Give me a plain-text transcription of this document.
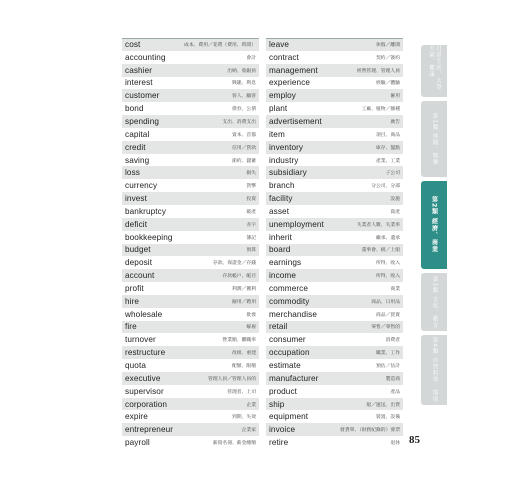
cost	成本、費用／花費（費用、時間）
accounting	會計
cashier	出納、收銀員
interest	興趣、利息
customer	客人、顧客
bond	債券、公債
spending	支出、消費支出
capital	資本、首都
credit	信用／貸款
saving	節約、儲蓄
loss	損失
currency	貨幣
invest	投資
bankruptcy	破產
deficit	赤字
bookkeeping	簿記
budget	預算
deposit	存款、保證金／存錢
account	存款帳戶、帳目
profit	利潤／獲利
hire	僱用／聘用
wholesale	批發
fire	解雇
turnover	營業額、離職率
restructure	改組、重建
quota	配額、限額
executive	管理人員／管理人員的
supervisor	管理者、上司
corporation	企業
expire	到期、失效
entrepreneur	企業家
payroll	薪資名冊、薪金總額
leave	休假／離開
contract	契約／簽約
management	經營管理、管理人員
experience	經驗／體驗
employ	僱用
plant	工廠、植物／播種
advertisement	廣告
item	項目、商品
inventory	庫存、盤點
industry	產業、工業
subsidiary	子公司
branch	分公司、分部
facility	設施
asset	資產
unemployment	失業者人數、失業率
inherit	繼承、遺承
board	董事會、板／上船
earnings	所得、收入
income	所得、收入
commerce	商業
commodity	商品、日用品
merchandise	商品／買賣
retail	零售／零售的
consumer	消費者
occupation	職業、工作
estimate	預估／估計
manufacturer	製造商
product	產品
ship	船／運送、出貨
equipment	裝置、設備
invoice	發貨單、（財務紀錄的）發票
retire	退休
日常生活、大學、天氣、健康
第1類 休閒、娛樂
第2類 經濟、商業
第3類 文化、教育
第4類 自然科學、環境
85
